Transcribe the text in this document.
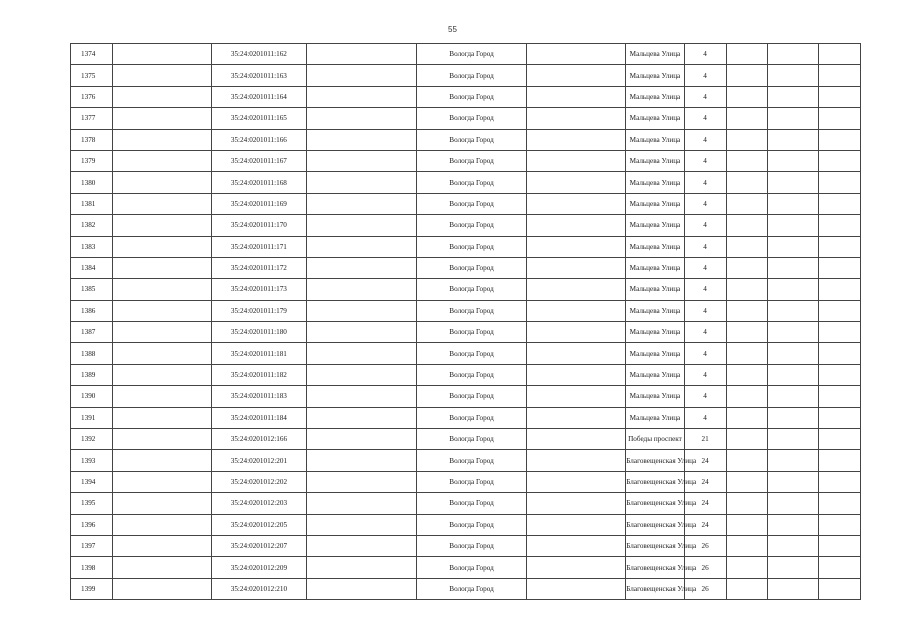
55
1374		35:24:0201011:162		Вологда Город		Мальцева Улица	4			
1375		35:24:0201011:163		Вологда Город		Мальцева Улица	4			
1376		35:24:0201011:164		Вологда Город		Мальцева Улица	4			
1377		35:24:0201011:165		Вологда Город		Мальцева Улица	4			
1378		35:24:0201011:166		Вологда Город		Мальцева Улица	4			
1379		35:24:0201011:167		Вологда Город		Мальцева Улица	4			
1380		35:24:0201011:168		Вологда Город		Мальцева Улица	4			
1381		35:24:0201011:169		Вологда Город		Мальцева Улица	4			
1382		35:24:0201011:170		Вологда Город		Мальцева Улица	4			
1383		35:24:0201011:171		Вологда Город		Мальцева Улица	4			
1384		35:24:0201011:172		Вологда Город		Мальцева Улица	4			
1385		35:24:0201011:173		Вологда Город		Мальцева Улица	4			
1386		35:24:0201011:179		Вологда Город		Мальцева Улица	4			
1387		35:24:0201011:180		Вологда Город		Мальцева Улица	4			
1388		35:24:0201011:181		Вологда Город		Мальцева Улица	4			
1389		35:24:0201011:182		Вологда Город		Мальцева Улица	4			
1390		35:24:0201011:183		Вологда Город		Мальцева Улица	4			
1391		35:24:0201011:184		Вологда Город		Мальцева Улица	4			
1392		35:24:0201012:166		Вологда Город		Победы проспект	21			
1393		35:24:0201012:201		Вологда Город		Благовещенская Улица	24			
1394		35:24:0201012:202		Вологда Город		Благовещенская Улица	24			
1395		35:24:0201012:203		Вологда Город		Благовещенская Улица	24			
1396		35:24:0201012:205		Вологда Город		Благовещенская Улица	24			
1397		35:24:0201012:207		Вологда Город		Благовещенская Улица	26			
1398		35:24:0201012:209		Вологда Город		Благовещенская Улица	26			
1399		35:24:0201012:210		Вологда Город		Благовещенская Улица	26			
